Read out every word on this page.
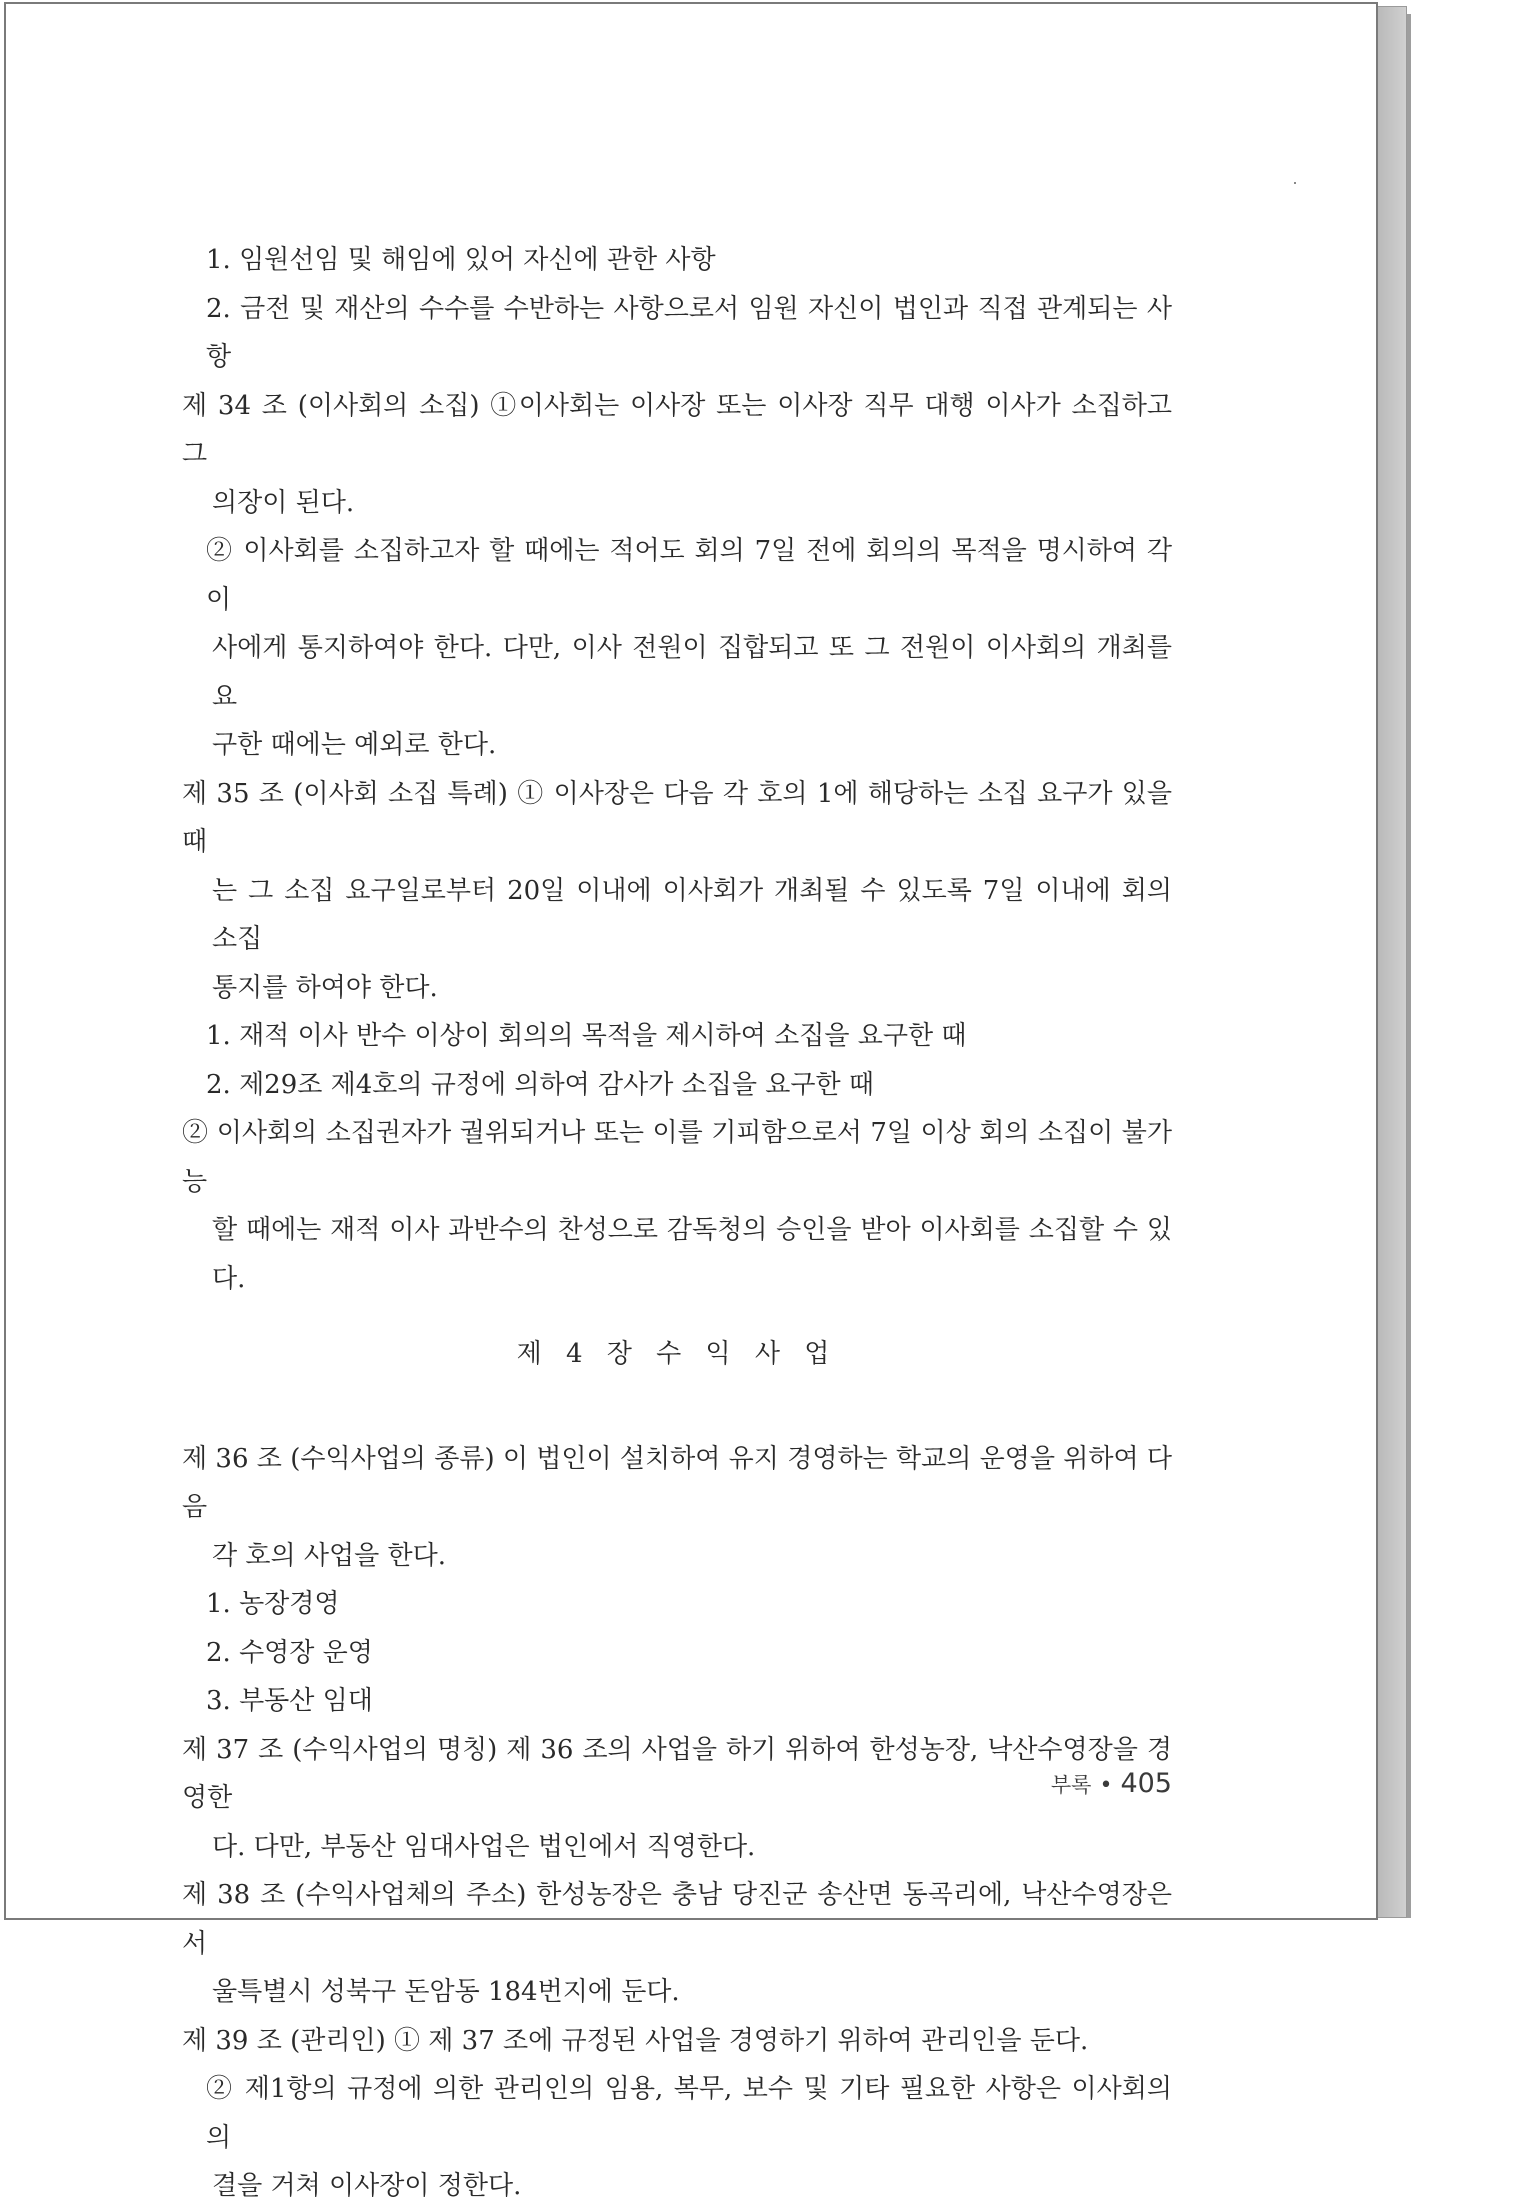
1. 임원선임 및 해임에 있어 자신에 관한 사항
2. 금전 및 재산의 수수를 수반하는 사항으로서 임원 자신이 법인과 직접 관계되는 사항
제 34 조 (이사회의 소집) ①이사회는 이사장 또는 이사장 직무 대행 이사가 소집하고 그
의장이 된다.
② 이사회를 소집하고자 할 때에는 적어도 회의 7일 전에 회의의 목적을 명시하여 각 이
사에게 통지하여야 한다. 다만, 이사 전원이 집합되고 또 그 전원이 이사회의 개최를 요
구한 때에는 예외로 한다.
제 35 조 (이사회 소집 특례) ① 이사장은 다음 각 호의 1에 해당하는 소집 요구가 있을 때
는 그 소집 요구일로부터 20일 이내에 이사회가 개최될 수 있도록 7일 이내에 회의 소집
통지를 하여야 한다.
1. 재적 이사 반수 이상이 회의의 목적을 제시하여 소집을 요구한 때
2. 제29조 제4호의 규정에 의하여 감사가 소집을 요구한 때
② 이사회의 소집권자가 궐위되거나 또는 이를 기피함으로서 7일 이상 회의 소집이 불가능
할 때에는 재적 이사 과반수의 찬성으로 감독청의 승인을 받아 이사회를 소집할 수 있다.
제 4 장 수 익 사 업
제 36 조 (수익사업의 종류) 이 법인이 설치하여 유지 경영하는 학교의 운영을 위하여 다음
각 호의 사업을 한다.
1. 농장경영
2. 수영장 운영
3. 부동산 임대
제 37 조 (수익사업의 명칭) 제 36 조의 사업을 하기 위하여 한성농장, 낙산수영장을 경영한
다. 다만, 부동산 임대사업은 법인에서 직영한다.
제 38 조 (수익사업체의 주소) 한성농장은 충남 당진군 송산면 동곡리에, 낙산수영장은 서
울특별시 성북구 돈암동 184번지에 둔다.
제 39 조 (관리인) ① 제 37 조에 규정된 사업을 경영하기 위하여 관리인을 둔다.
② 제1항의 규정에 의한 관리인의 임용, 복무, 보수 및 기타 필요한 사항은 이사회의 의
결을 거쳐 이사장이 정한다.
부록 • 405
